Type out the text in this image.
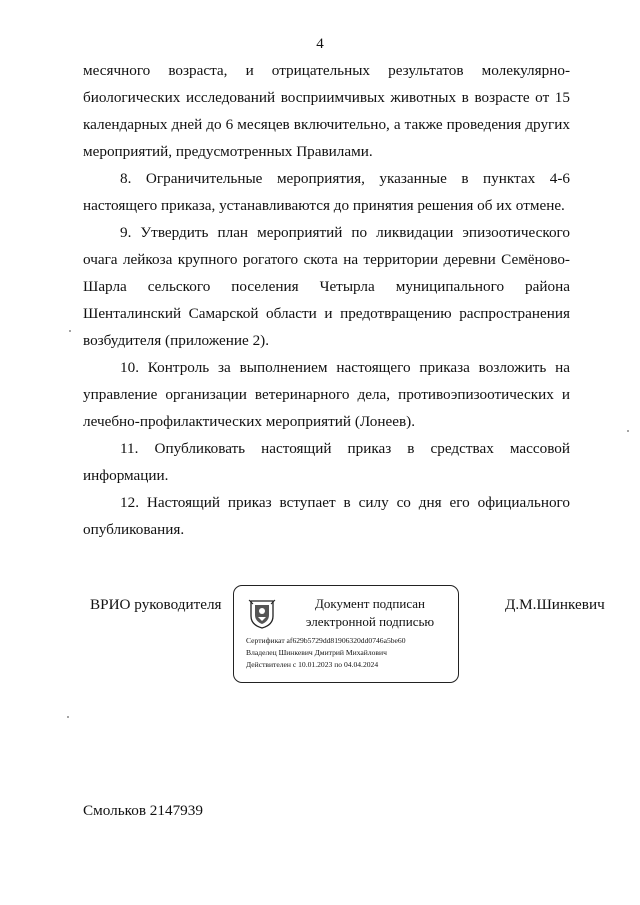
4

месячного возраста, и отрицательных результатов молекулярно-биологических исследований восприимчивых животных в возрасте от 15 календарных дней до 6 месяцев включительно, а также проведения других мероприятий, предусмотренных Правилами.

8. Ограничительные мероприятия, указанные в пунктах 4-6 настоящего приказа, устанавливаются до принятия решения об их отмене.

9. Утвердить план мероприятий по ликвидации эпизоотического очага лейкоза крупного рогатого скота на территории деревни Семёново-Шарла сельского поселения Четырла муниципального района Шенталинский Самарской области и предотвращению распространения возбудителя (приложение 2).

10. Контроль за выполнением настоящего приказа возложить на управление организации ветеринарного дела, противоэпизоотических и лечебно-профилактических мероприятий (Лонеев).

11. Опубликовать настоящий приказ в средствах массовой информации.

12. Настоящий приказ вступает в силу со дня его официального опубликования.

ВРИО руководителя	Документ подписан электронной подписью
Сертификат af629b5729dd81906320dd0746a5be60
Владелец Шинкевич Дмитрий Михайлович
Действителен с 10.01.2023 по 04.04.2024
Д.М.Шинкевич
Смольков 2147939
